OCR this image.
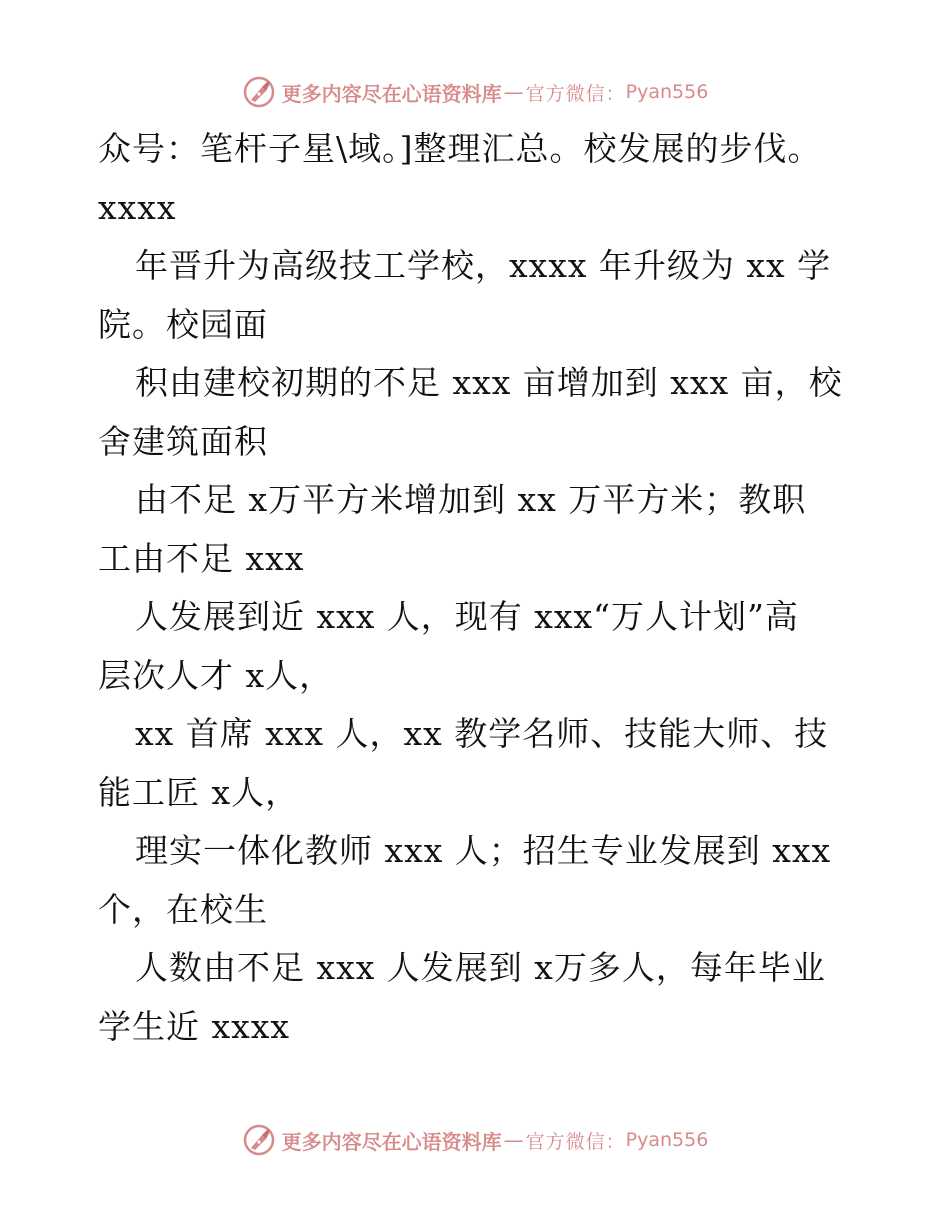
更多内容尽在心语资料库 — 官方微信： Pyan556
众号：笔杆子星\域。]整理汇总。校发展的步伐。
xxxx
年晋升为高级技工学校，xxxx 年升级为 xx 学
院。校园面
积由建校初期的不足 xxx 亩增加到 xxx 亩，校
舍建筑面积
由不足 x万平方米增加到 xx 万平方米；教职
工由不足 xxx
人发展到近 xxx 人，现有 xxx“万人计划”高
层次人才 x人，
xx 首席 xxx 人，xx 教学名师、技能大师、技
能工匠 x人，
理实一体化教师 xxx 人；招生专业发展到 xxx
个，在校生
人数由不足 xxx 人发展到 x万多人，每年毕业
学生近 xxxx
更多内容尽在心语资料库 — 官方微信： Pyan556
